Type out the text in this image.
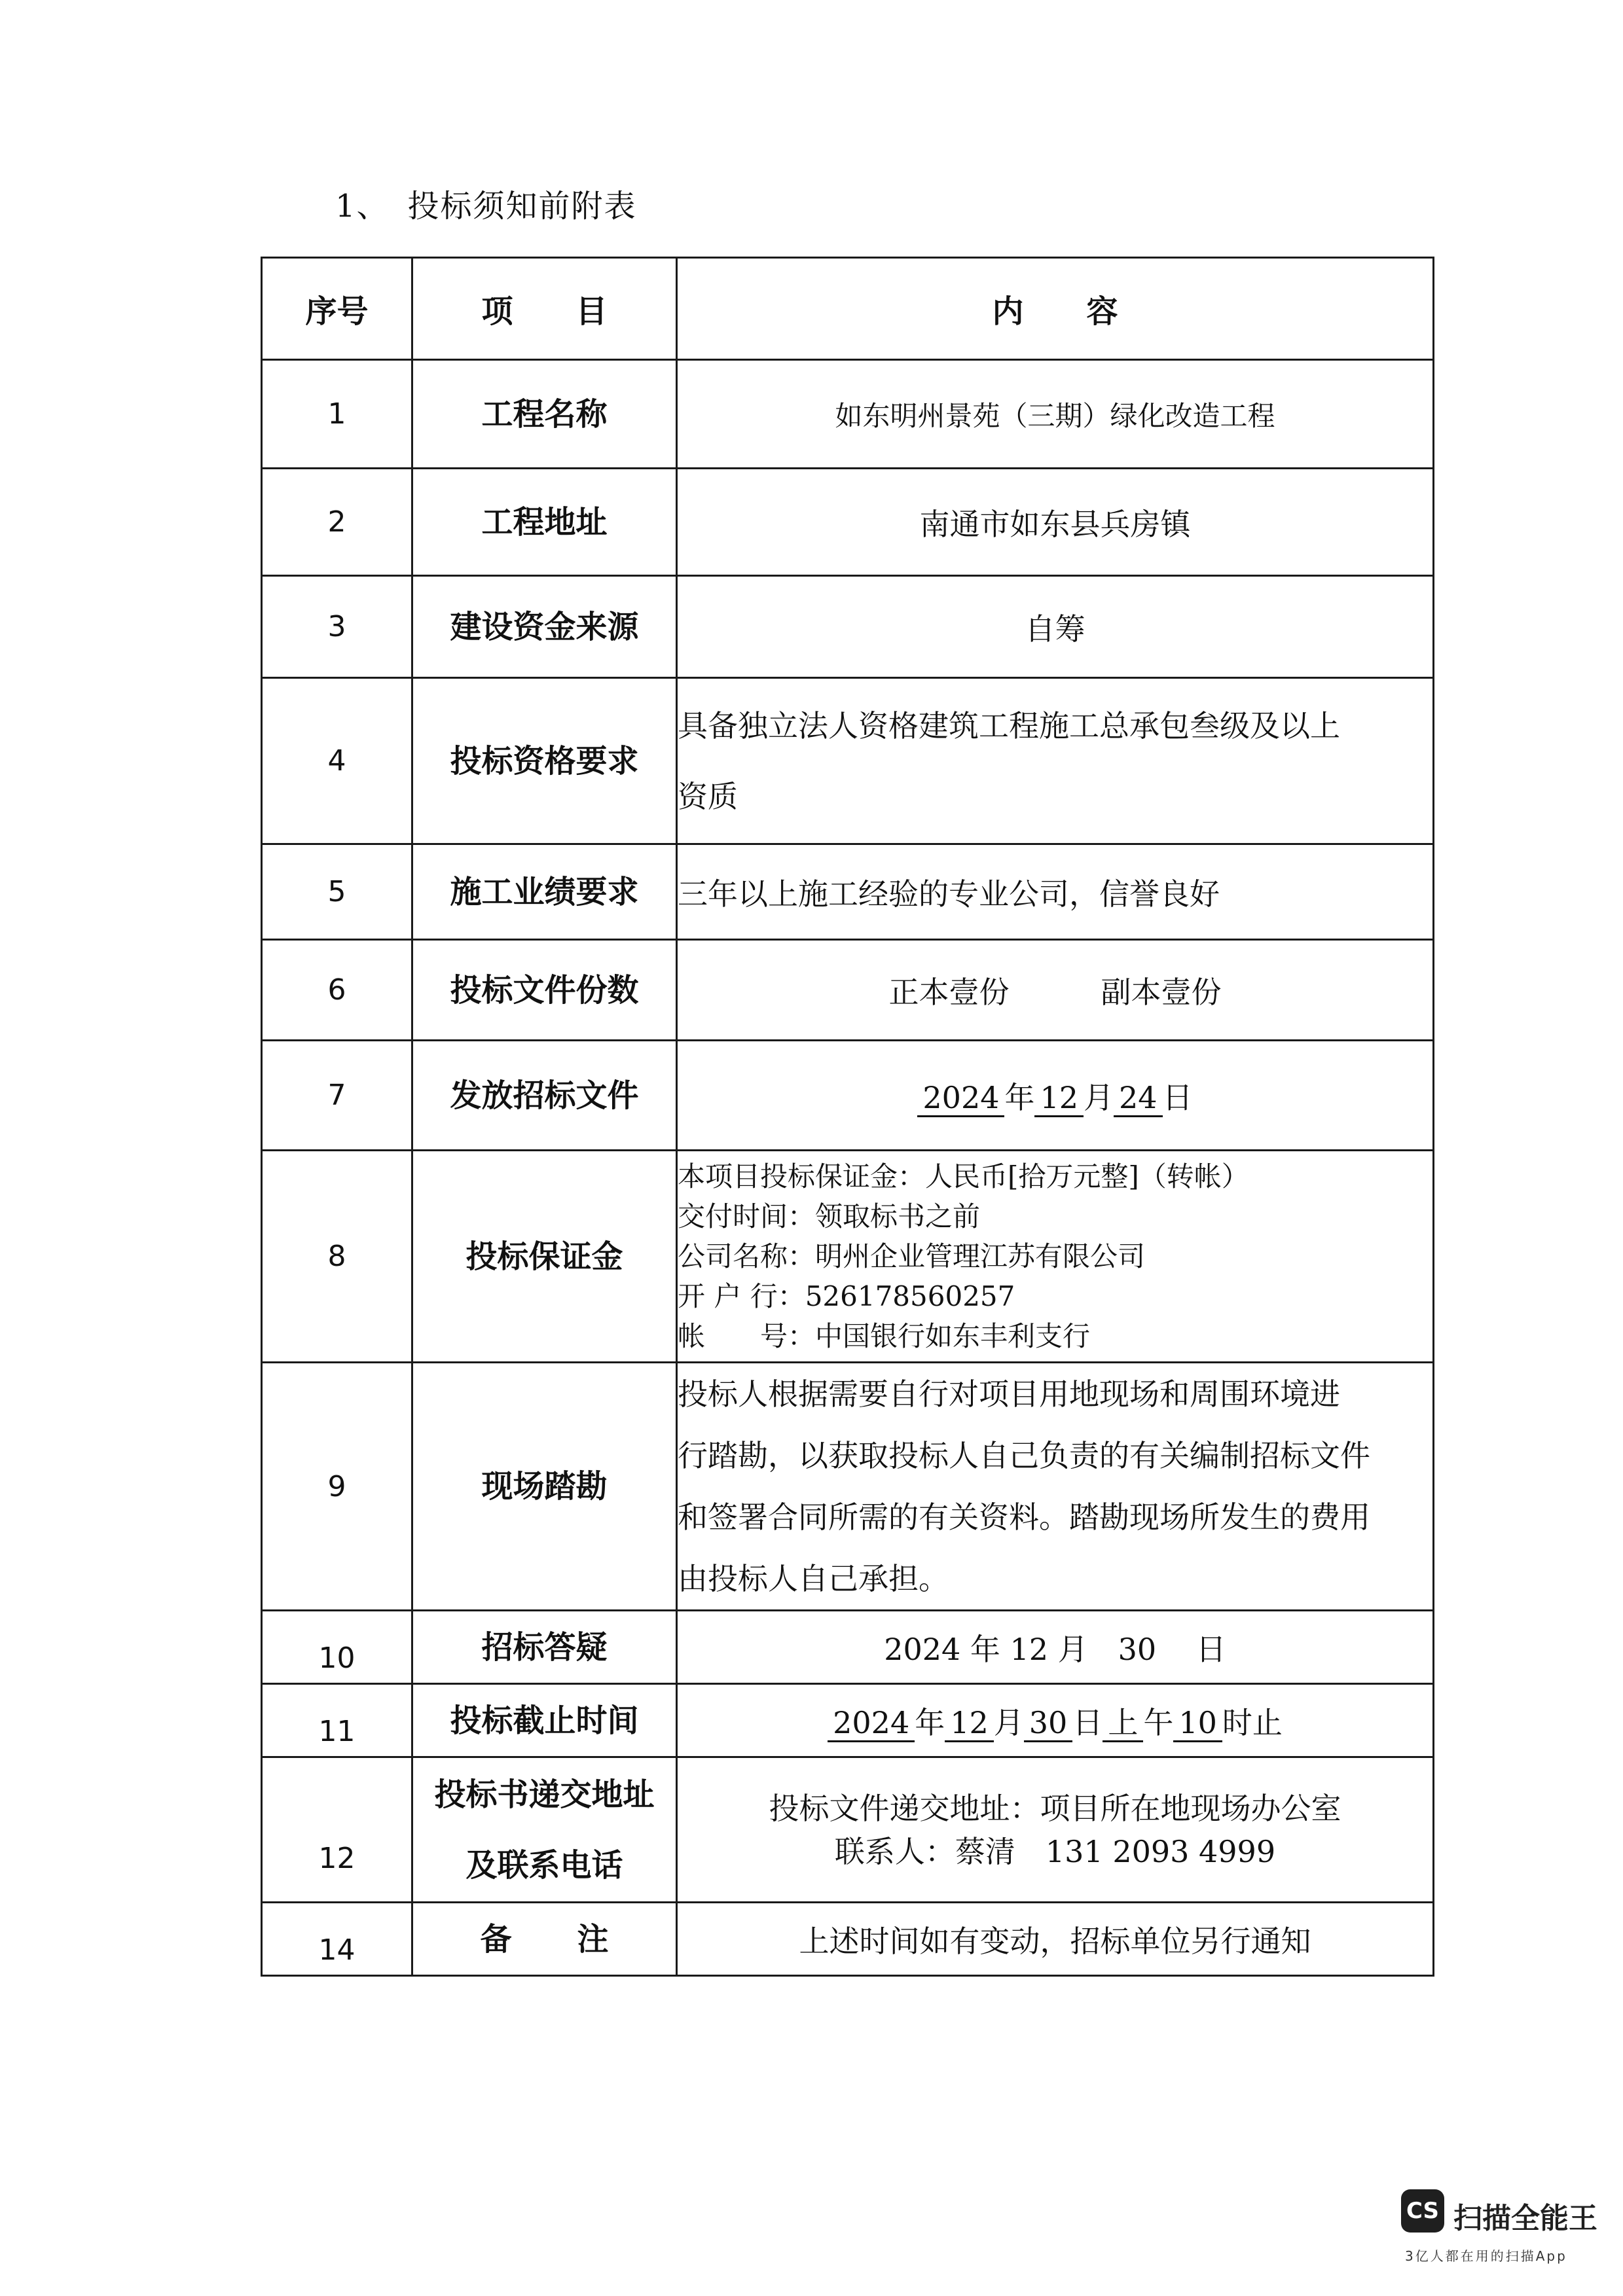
1、 投标须知前附表
序号	项目	内容
1	工程名称	如东明州景苑（三期）绿化改造工程
2	工程地址	南通市如东县兵房镇
3	建设资金来源	自筹
4	投标资格要求	具备独立法人资格建筑工程施工总承包叁级及以上
资质

5	施工业绩要求	三年以上施工经验的专业公司，信誉良好
6	投标文件份数	正本壹份 副本壹份
7	发放招标文件	2024 年 12 月 24 日
8	投标保证金	本项目投标保证金：人民币[拾万元整]（转帐）
交付时间：领取标书之前
公司名称：明州企业管理江苏有限公司
开 户 行：526178560257
帐　　号：中国银行如东丰利支行

9	现场踏勘	投标人根据需要自行对项目用地现场和周围环境进
行踏勘，以获取投标人自己负责的有关编制招标文件
和签署合同所需的有关资料。踏勘现场所发生的费用
由投标人自己承担。

10	招标答疑	2024 年 12 月　30　 日
11	投标截止时间	2024 年 12 月 30 日 上 午 10 时止
12	投标书递交地址
及联系电话	投标文件递交地址：项目所在地现场办公室
联系人：蔡清　131 2093 4999

14	备注	上述时间如有变动，招标单位另行通知
CS 扫描全能王
3亿人都在用的扫描App
